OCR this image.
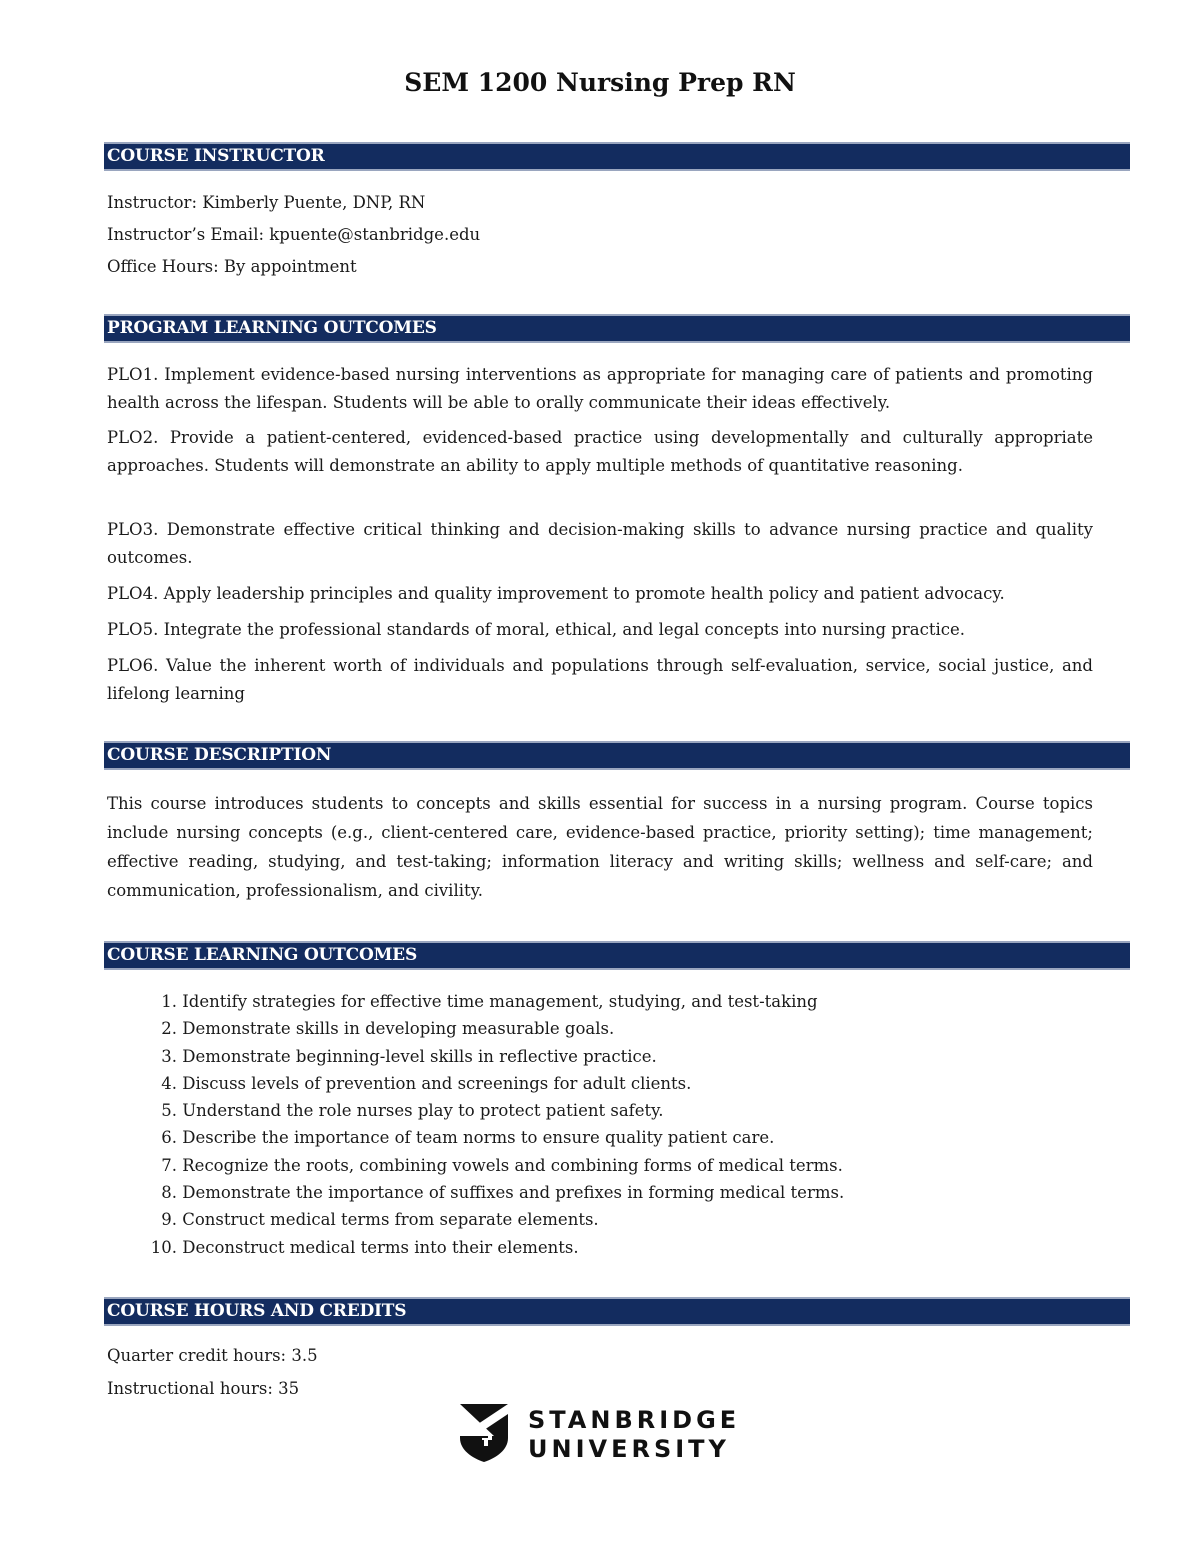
SEM 1200 Nursing Prep RN
COURSE INSTRUCTOR
Instructor: Kimberly Puente, DNP, RN
Instructor’s Email: kpuente@stanbridge.edu
Office Hours: By appointment
PROGRAM LEARNING OUTCOMES
PLO1. Implement evidence-based nursing interventions as appropriate for managing care of patients and promoting health across the lifespan. Students will be able to orally communicate their ideas effectively.
PLO2. Provide a patient-centered, evidenced-based practice using developmentally and culturally appropriate approaches. Students will demonstrate an ability to apply multiple methods of quantitative reasoning.
PLO3. Demonstrate effective critical thinking and decision-making skills to advance nursing practice and quality outcomes.
PLO4. Apply leadership principles and quality improvement to promote health policy and patient advocacy.
PLO5. Integrate the professional standards of moral, ethical, and legal concepts into nursing practice.
PLO6. Value the inherent worth of individuals and populations through self-evaluation, service, social justice, and lifelong learning
COURSE DESCRIPTION
This course introduces students to concepts and skills essential for success in a nursing program. Course topics include nursing concepts (e.g., client-centered care, evidence-based practice, priority setting); time management; effective reading, studying, and test-taking; information literacy and writing skills; wellness and self-care; and communication, professionalism, and civility.
COURSE LEARNING OUTCOMES
1. Identify strategies for effective time management, studying, and test-taking
2. Demonstrate skills in developing measurable goals.
3. Demonstrate beginning-level skills in reflective practice.
4. Discuss levels of prevention and screenings for adult clients.
5. Understand the role nurses play to protect patient safety.
6. Describe the importance of team norms to ensure quality patient care.
7. Recognize the roots, combining vowels and combining forms of medical terms.
8. Demonstrate the importance of suffixes and prefixes in forming medical terms.
9. Construct medical terms from separate elements.
10. Deconstruct medical terms into their elements.
COURSE HOURS AND CREDITS
Quarter credit hours: 3.5
Instructional hours: 35
STANBRIDGE
UNIVERSITY
